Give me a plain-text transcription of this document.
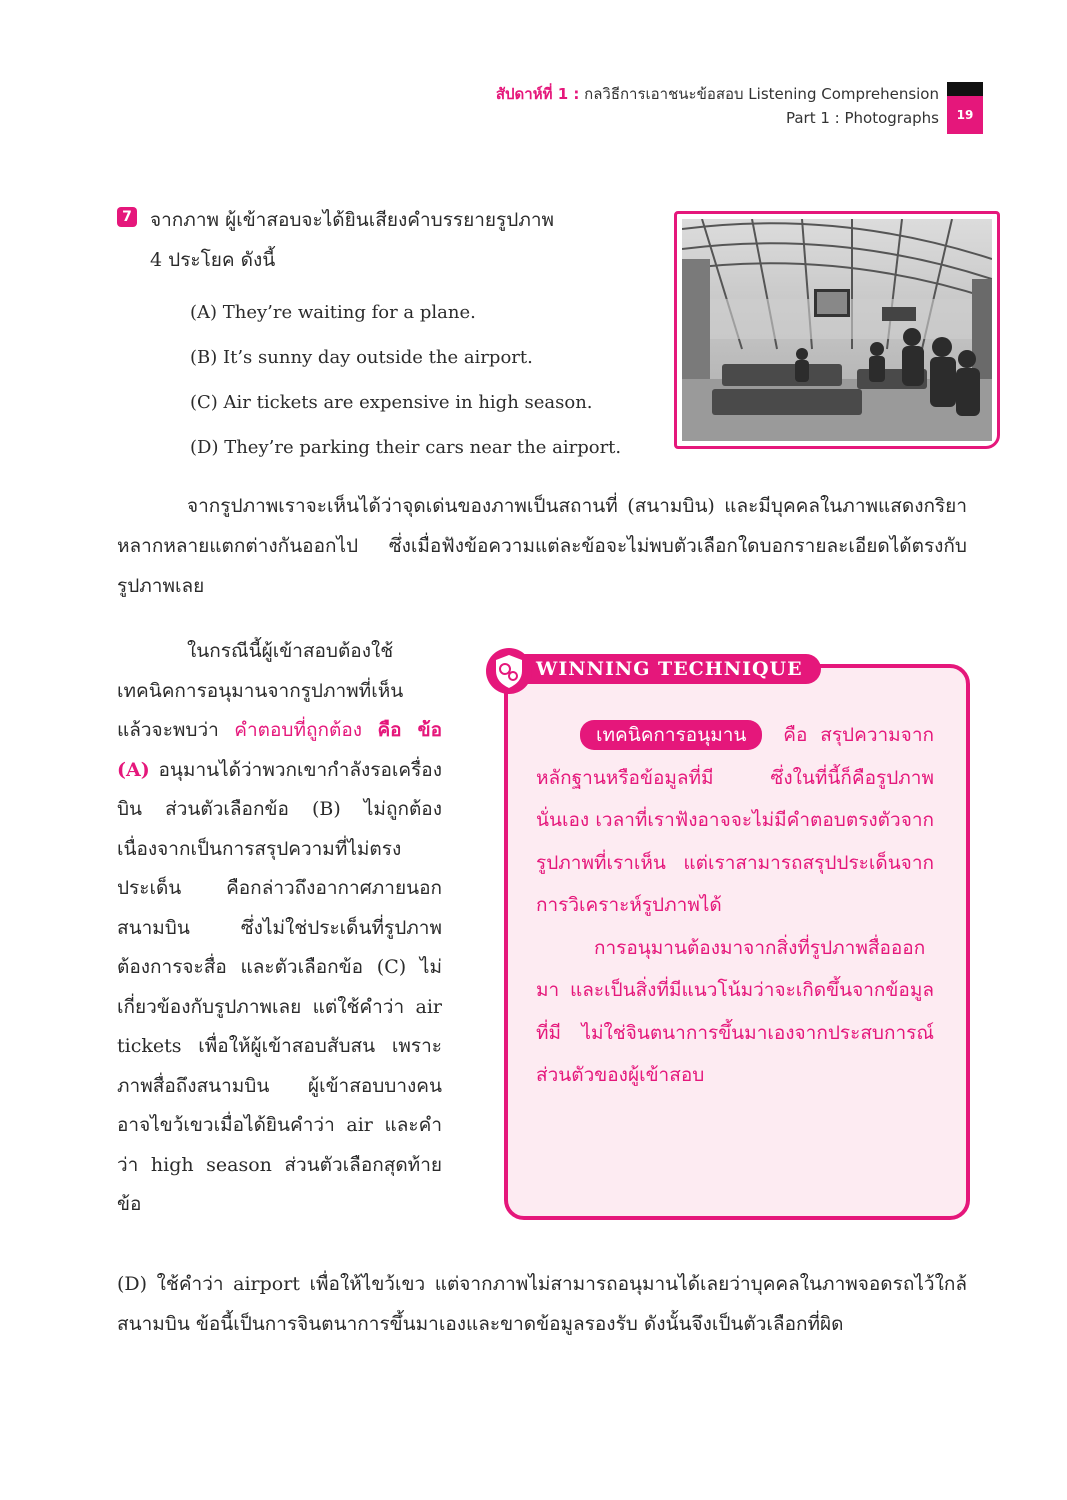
สัปดาห์ที่ 1 : กลวิธีการเอาชนะข้อสอบ Listening Comprehension
Part 1 : Photographs	19
7 จากภาพ ผู้เข้าสอบจะได้ยินเสียงคำบรรยายรูปภาพ
4 ประโยค ดังนี้
(A) They’re waiting for a plane.
(B) It’s sunny day outside the airport.
(C) Air tickets are expensive in high season.
(D) They’re parking their cars near the airport.
จากรูปภาพเราจะเห็นได้ว่าจุดเด่นของภาพเป็นสถานที่ (สนามบิน) และมีบุคคลในภาพแสดงกริยาหลากหลายแตกต่างกันออกไป ซึ่งเมื่อฟังข้อความแต่ละข้อจะไม่พบตัวเลือกใดบอกรายละเอียดได้ตรงกับรูปภาพเลย
ในกรณีนี้ผู้เข้าสอบต้องใช้เทคนิคการอนุมานจากรูปภาพที่เห็น แล้วจะพบว่า คำตอบที่ถูกต้อง คือ ข้อ (A) อนุมานได้ว่าพวกเขากำลังรอเครื่องบิน ส่วนตัวเลือกข้อ (B) ไม่ถูกต้องเนื่องจากเป็นการสรุปความที่ไม่ตรงประเด็น คือกล่าวถึงอากาศภายนอกสนามบิน ซึ่งไม่ใช่ประเด็นที่รูปภาพต้องการจะสื่อ และตัวเลือกข้อ (C) ไม่เกี่ยวข้องกับรูปภาพเลย แต่ใช้คำว่า air tickets เพื่อให้ผู้เข้าสอบสับสน เพราะภาพสื่อถึงสนามบิน ผู้เข้าสอบบางคนอาจไขว้เขวเมื่อได้ยินคำว่า air และคำว่า high season ส่วนตัวเลือกสุดท้าย ข้อ
WINNING TECHNIQUE

เทคนิคการอนุมาน คือ สรุปความจากหลักฐานหรือข้อมูลที่มี ซึ่งในที่นี้ก็คือรูปภาพนั่นเอง เวลาที่เราฟังอาจจะไม่มีคำตอบตรงตัวจากรูปภาพที่เราเห็น แต่เราสามารถสรุปประเด็นจากการวิเคราะห์รูปภาพได้

การอนุมานต้องมาจากสิ่งที่รูปภาพสื่อออกมา และเป็นสิ่งที่มีแนวโน้มว่าจะเกิดขึ้นจากข้อมูลที่มี ไม่ใช่จินตนาการขึ้นมาเองจากประสบการณ์ส่วนตัวของผู้เข้าสอบ

(D) ใช้คำว่า airport เพื่อให้ไขว้เขว แต่จากภาพไม่สามารถอนุมานได้เลยว่าบุคคลในภาพจอดรถไว้ใกล้สนามบิน ข้อนี้เป็นการจินตนาการขึ้นมาเองและขาดข้อมูลรองรับ ดังนั้นจึงเป็นตัวเลือกที่ผิด
